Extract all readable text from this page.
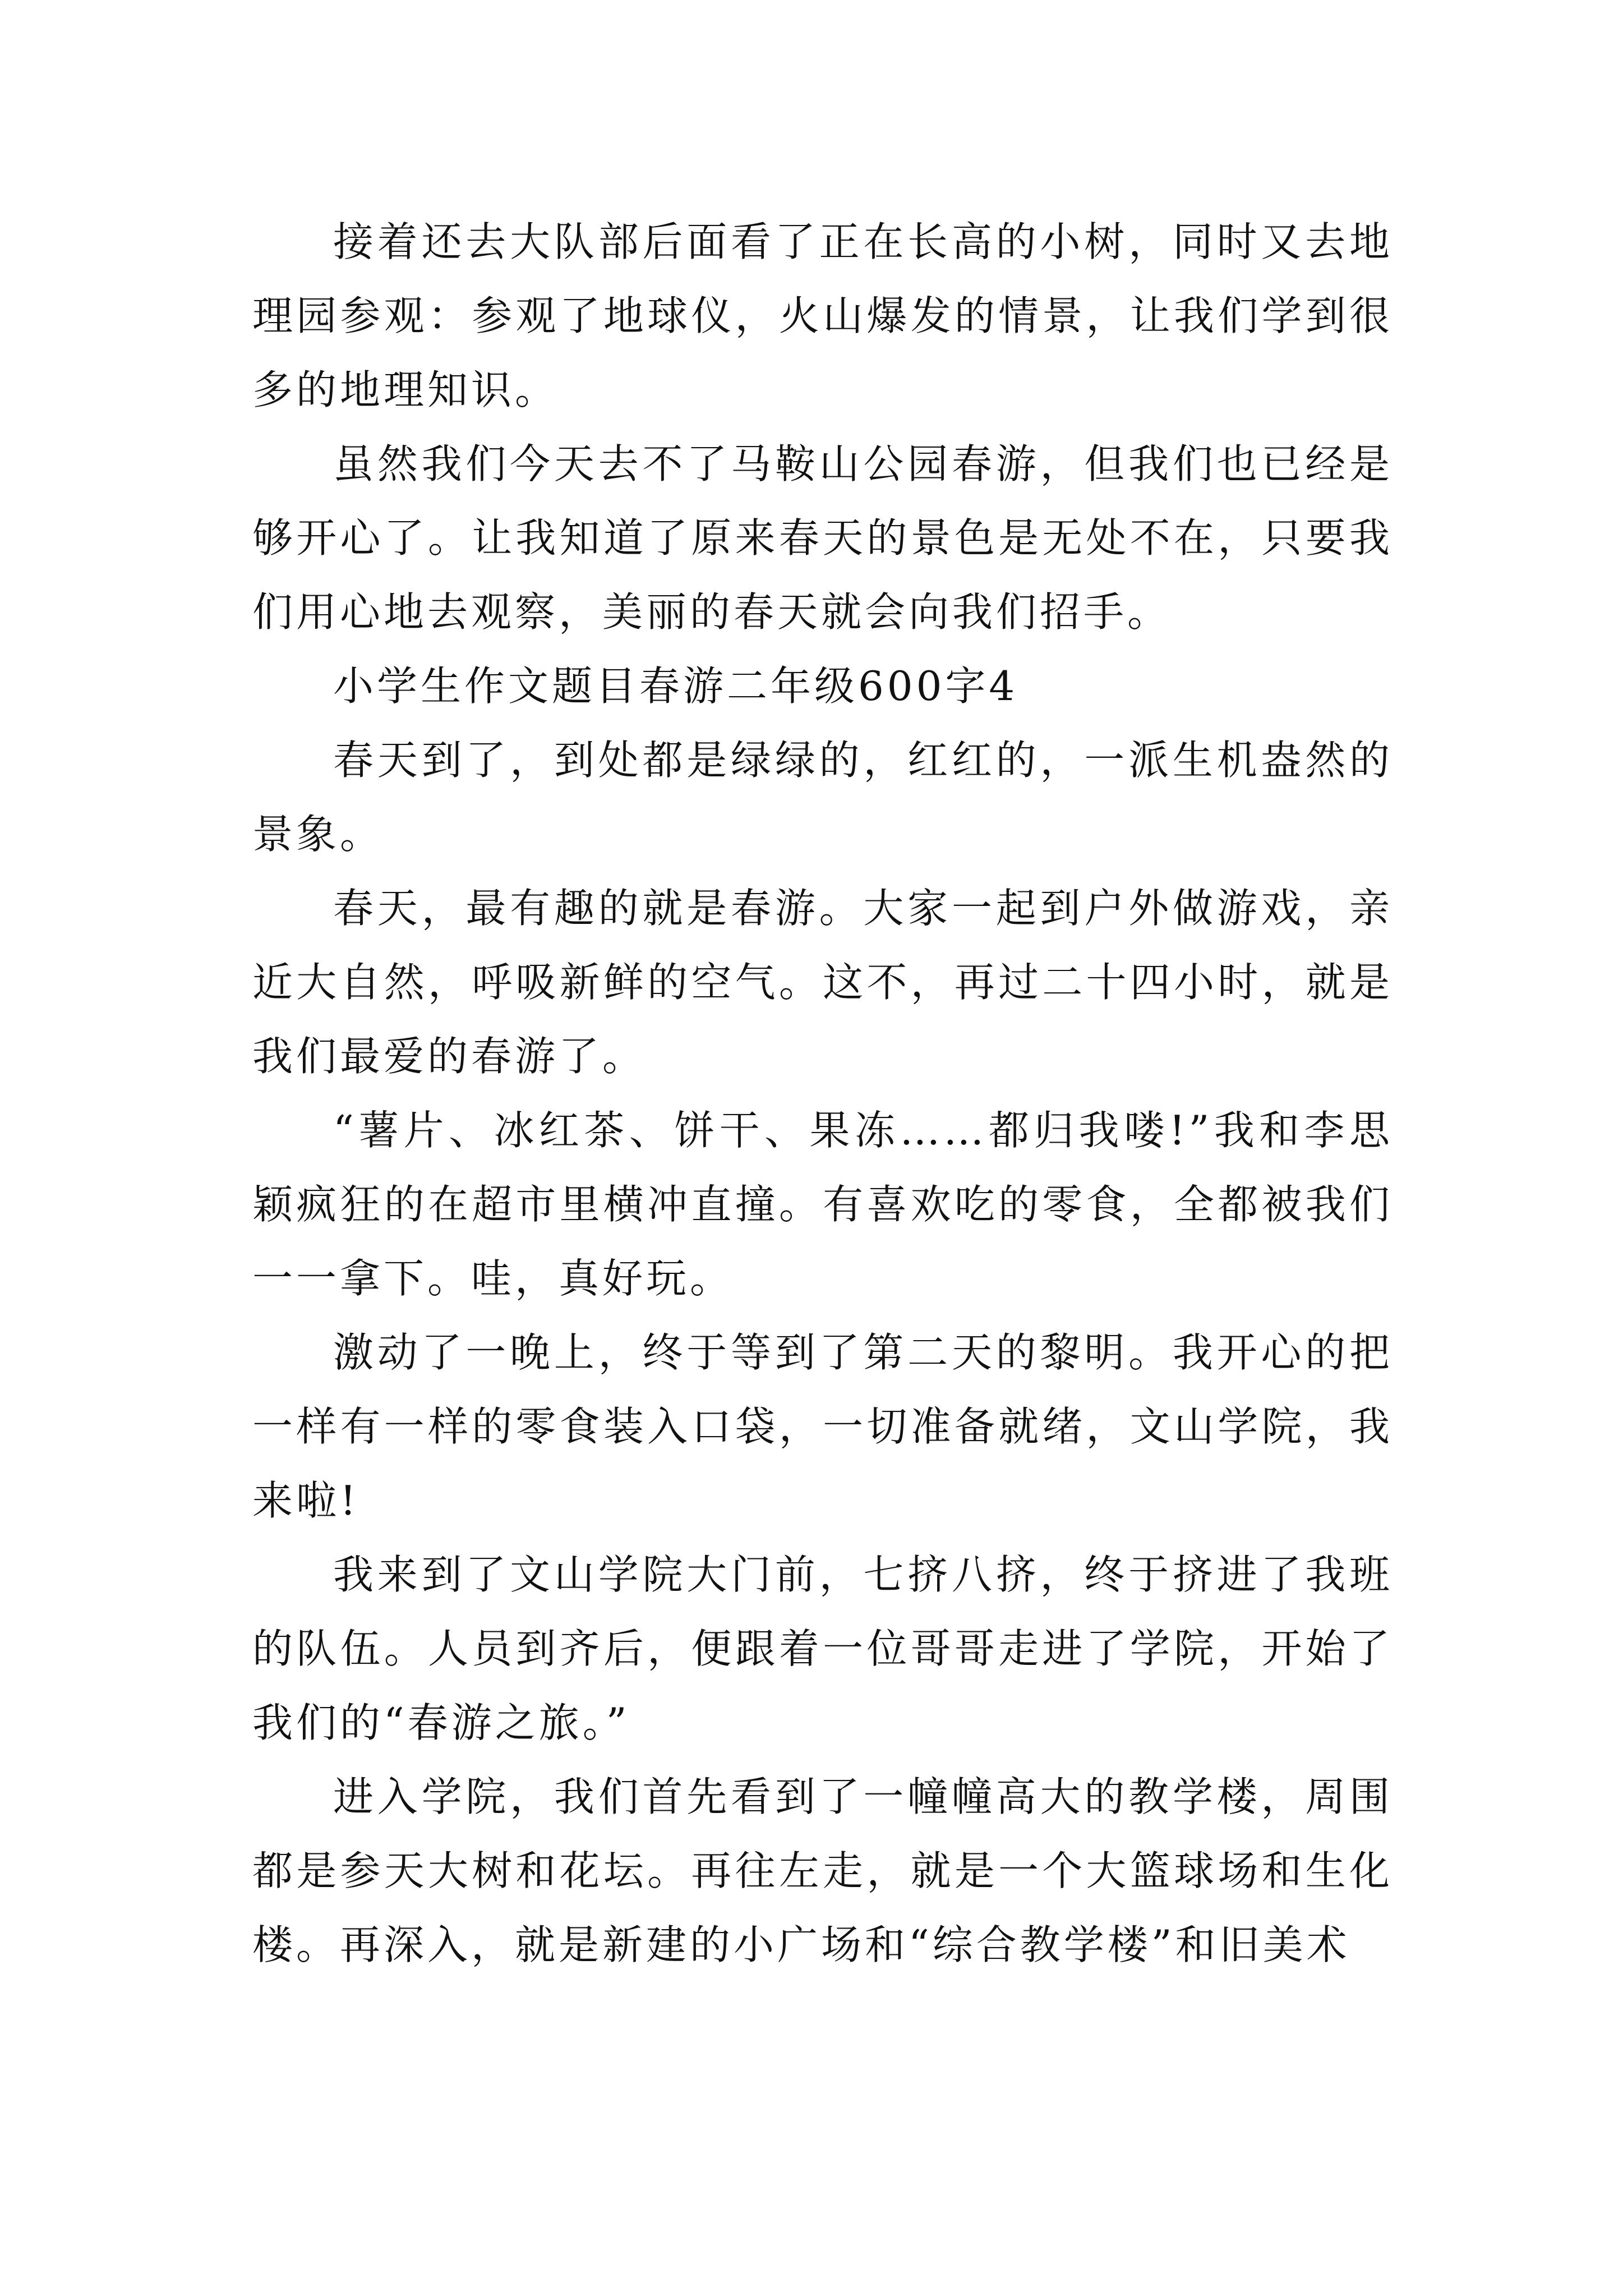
接着还去大队部后面看了正在长高的小树，同时又去地理园参观：参观了地球仪，火山爆发的情景，让我们学到很多的地理知识。

虽然我们今天去不了马鞍山公园春游，但我们也已经是够开心了。让我知道了原来春天的景色是无处不在，只要我们用心地去观察，美丽的春天就会向我们招手。

小学生作文题目春游二年级600字4

春天到了，到处都是绿绿的，红红的，一派生机盎然的景象。

春天，最有趣的就是春游。大家一起到户外做游戏，亲近大自然，呼吸新鲜的空气。这不，再过二十四小时，就是我们最爱的春游了。

“薯片、冰红茶、饼干、果冻……都归我喽!”我和李思颖疯狂的在超市里横冲直撞。有喜欢吃的零食，全都被我们一一拿下。哇，真好玩。

激动了一晚上，终于等到了第二天的黎明。我开心的把一样有一样的零食装入口袋，一切准备就绪，文山学院，我来啦!

我来到了文山学院大门前，七挤八挤，终于挤进了我班的队伍。人员到齐后，便跟着一位哥哥走进了学院，开始了我们的“春游之旅。”

进入学院，我们首先看到了一幢幢高大的教学楼，周围都是参天大树和花坛。再往左走，就是一个大篮球场和生化楼。再深入，就是新建的小广场和“综合教学楼”和旧美术
